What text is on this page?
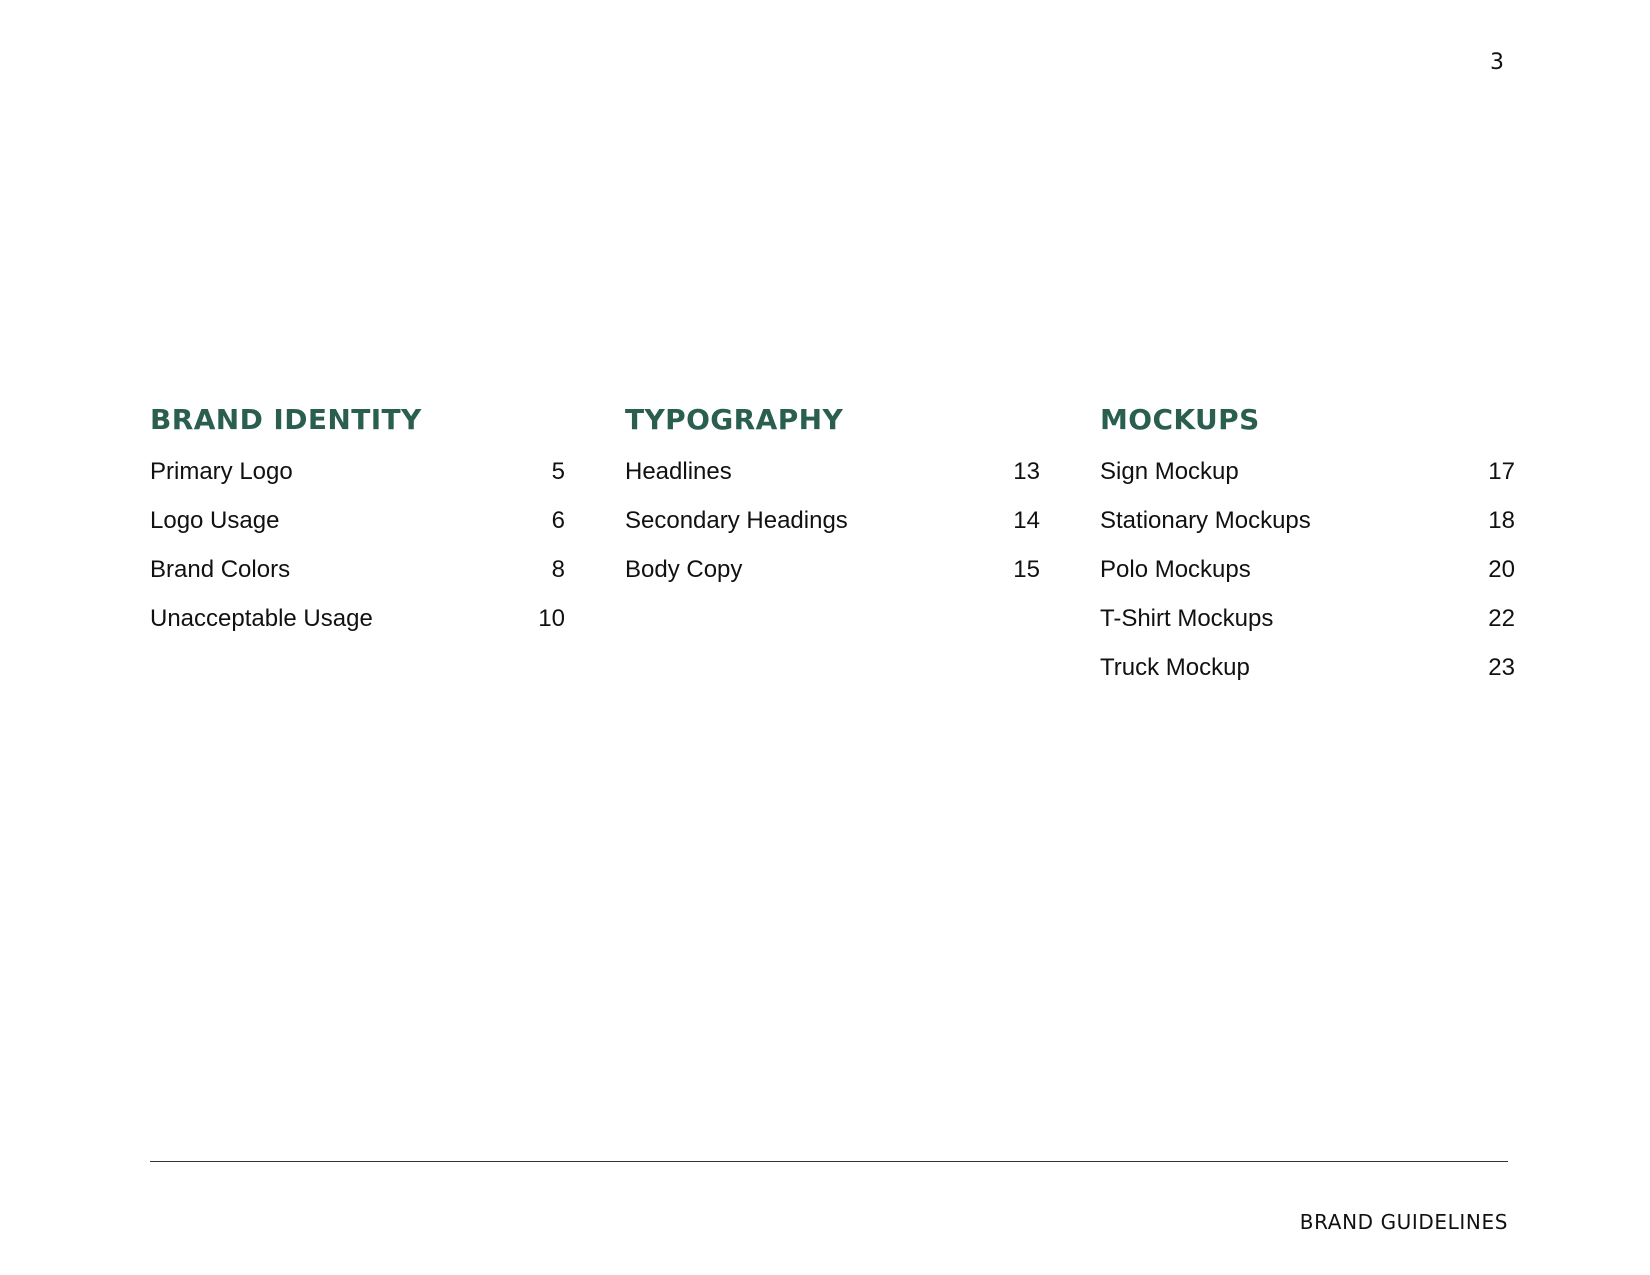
3
BRAND IDENTITY
Primary Logo	5
Logo Usage	6
Brand Colors	8
Unacceptable Usage	10
TYPOGRAPHY
Headlines	13
Secondary Headings	14
Body Copy	15
MOCKUPS
Sign Mockup	17
Stationary Mockups	18
Polo Mockups	20
T-Shirt Mockups	22
Truck Mockup	23
BRAND GUIDELINES
